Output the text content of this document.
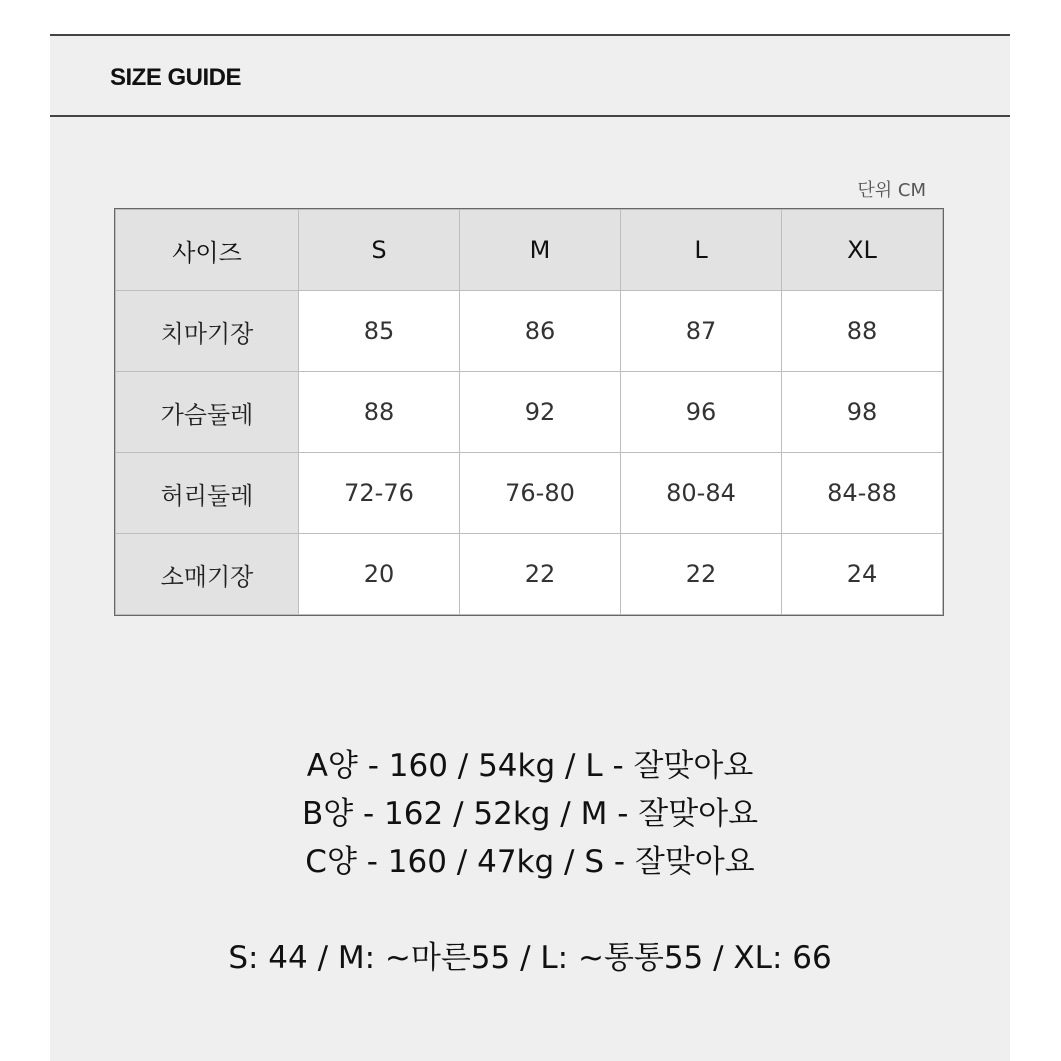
SIZE GUIDE
단위 CM
사이즈	S	M	L	XL
치마기장	85	86	87	88
가슴둘레	88	92	96	98
허리둘레	72-76	76-80	80-84	84-88
소매기장	20	22	22	24
A양 - 160 / 54kg / L - 잘맞아요
B양 - 162 / 52kg / M - 잘맞아요
C양 - 160 / 47kg / S - 잘맞아요
S: 44 / M: ~마른55 / L: ~통통55 / XL: 66
